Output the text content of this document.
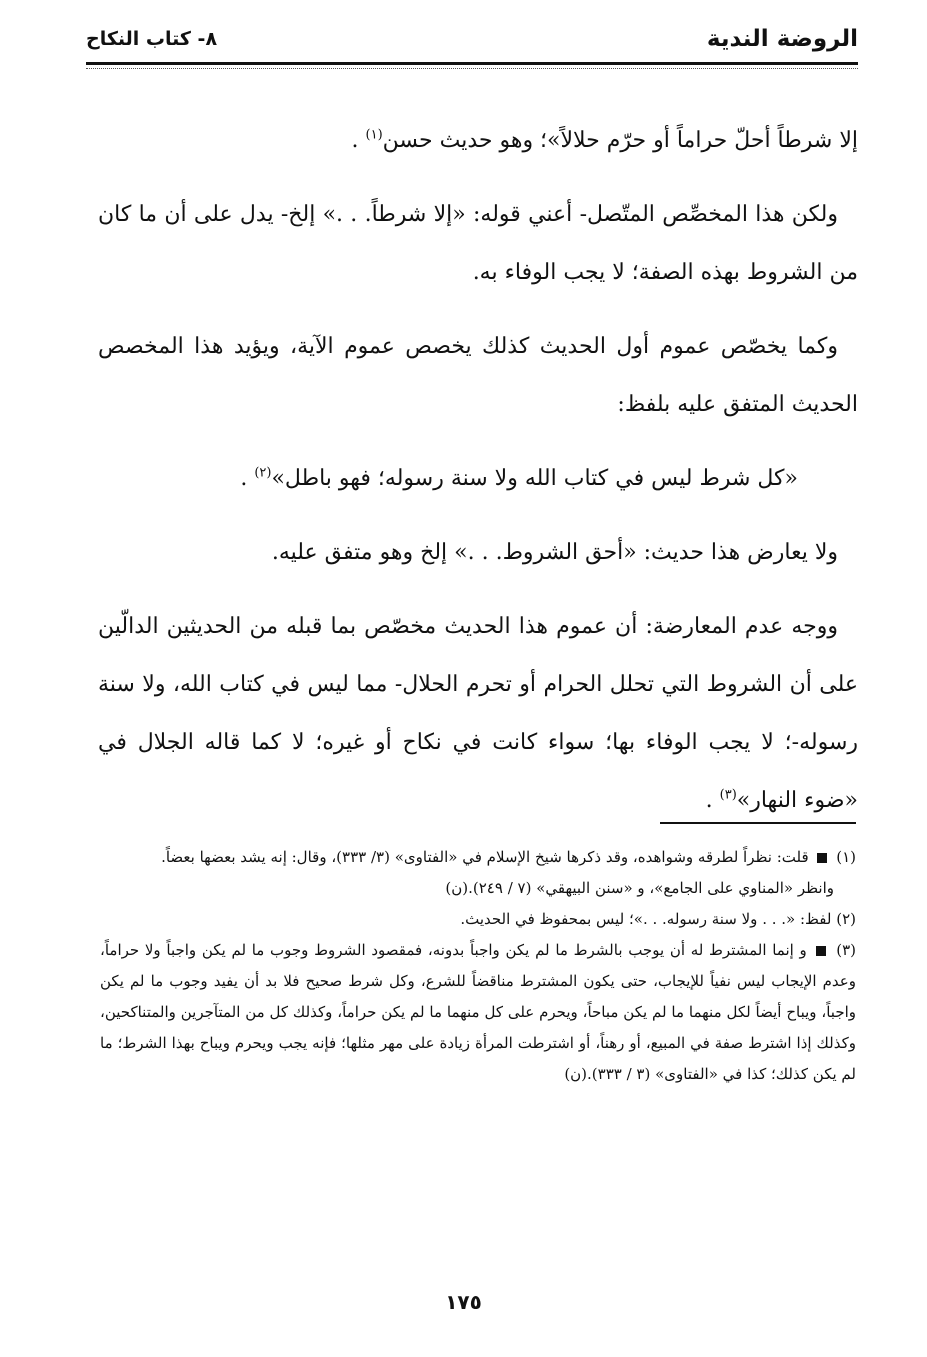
الروضة الندية
٨- كتاب النكاح

إلا شرطاً أحلّ حراماً أو حرّم حلالاً»؛ وهو حديث حسن$^{(١)}$ .

ولكن هذا المخصِّص المتّصل- أعني قوله: «إلا شرطاً. . .» إلخ- يدل على أن ما كان من الشروط بهذه الصفة؛ لا يجب الوفاء به.

وكما يخصّص عموم أول الحديث كذلك يخصص عموم الآية، ويؤيد هذا المخصص الحديث المتفق عليه بلفظ:

«كل شرط ليس في كتاب الله ولا سنة رسوله؛ فهو باطل»$^{(٢)}$ .

ولا يعارض هذا حديث: «أحق الشروط. . .» إلخ وهو متفق عليه.

ووجه عدم المعارضة: أن عموم هذا الحديث مخصّص بما قبله من الحديثين الدالّين على أن الشروط التي تحلل الحرام أو تحرم الحلال- مما ليس في كتاب الله، ولا سنة رسوله-؛ لا يجب الوفاء بها؛ سواء كانت في نكاح أو غيره؛ لا كما قاله الجلال في «ضوء النهار»$^{(٣)}$ .

(١)  قلت: نظراً لطرقه وشواهده، وقد ذكرها شيخ الإسلام في «الفتاوى» (٣/ ٣٣٣)، وقال: إنه يشد بعضها بعضاً.

وانظر «المناوي على الجامع»، و «سنن البيهقي» (٧ / ٢٤٩).(ن)

(٢) لفظ: «. . . ولا سنة رسوله. . .»؛ ليس بمحفوظ في الحديث.

(٣)  و إنما المشترط له أن يوجب بالشرط ما لم يكن واجباً بدونه، فمقصود الشروط وجوب ما لم يكن واجباً ولا حراماً، وعدم الإيجاب ليس نفياً للإيجاب، حتى يكون المشترط مناقضاً للشرع، وكل شرط صحيح فلا بد أن يفيد وجوب ما لم يكن واجباً، ويباح أيضاً لكل منهما ما لم يكن مباحاً، ويحرم على كل منهما ما لم يكن حراماً، وكذلك كل من المتآجرين والمتناكحين، وكذلك إذا اشترط صفة في المبيع، أو رهناً، أو اشترطت المرأة زيادة على مهر مثلها؛ فإنه يجب ويحرم ويباح بهذا الشرط؛ ما لم يكن كذلك؛ كذا في «الفتاوى» (٣ / ٣٣٣).(ن)

١٧٥
